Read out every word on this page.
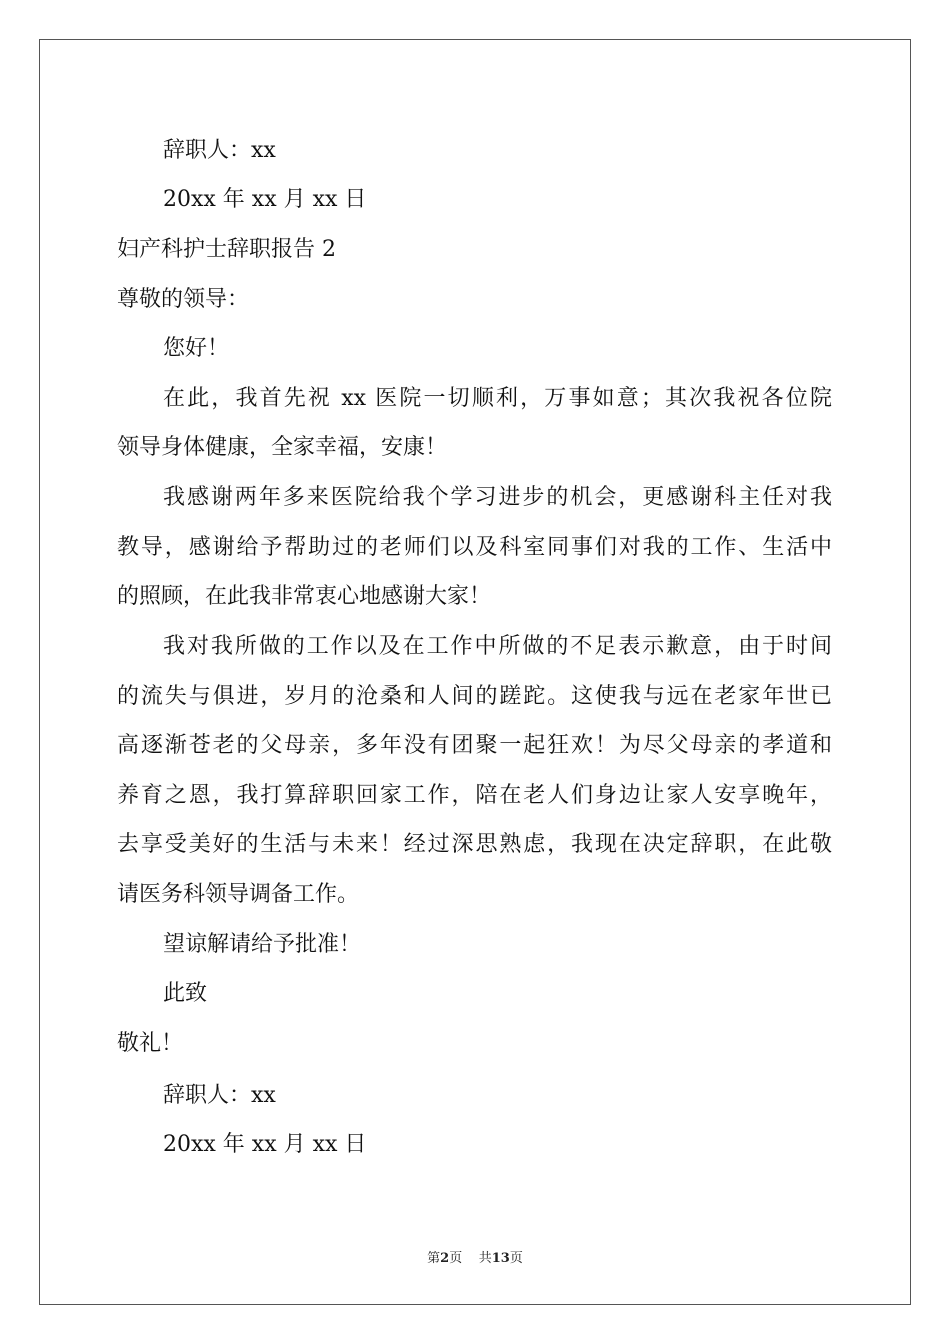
辞职人：xx
20xx 年 xx 月 xx 日
妇产科护士辞职报告 2
尊敬的领导：
您好！
在此，我首先祝 xx 医院一切顺利，万事如意；其次我祝各位院
领导身体健康，全家幸福，安康！
我感谢两年多来医院给我个学习进步的机会，更感谢科主任对我
教导，感谢给予帮助过的老师们以及科室同事们对我的工作、生活中
的照顾，在此我非常衷心地感谢大家！
我对我所做的工作以及在工作中所做的不足表示歉意，由于时间
的流失与俱进，岁月的沧桑和人间的蹉跎。这使我与远在老家年世已
高逐渐苍老的父母亲，多年没有团聚一起狂欢！为尽父母亲的孝道和
养育之恩，我打算辞职回家工作，陪在老人们身边让家人安享晚年，
去享受美好的生活与未来！经过深思熟虑，我现在决定辞职，在此敬
请医务科领导调备工作。
望谅解请给予批准！
此致
敬礼！
辞职人：xx
20xx 年 xx 月 xx 日
第2页 共13页
